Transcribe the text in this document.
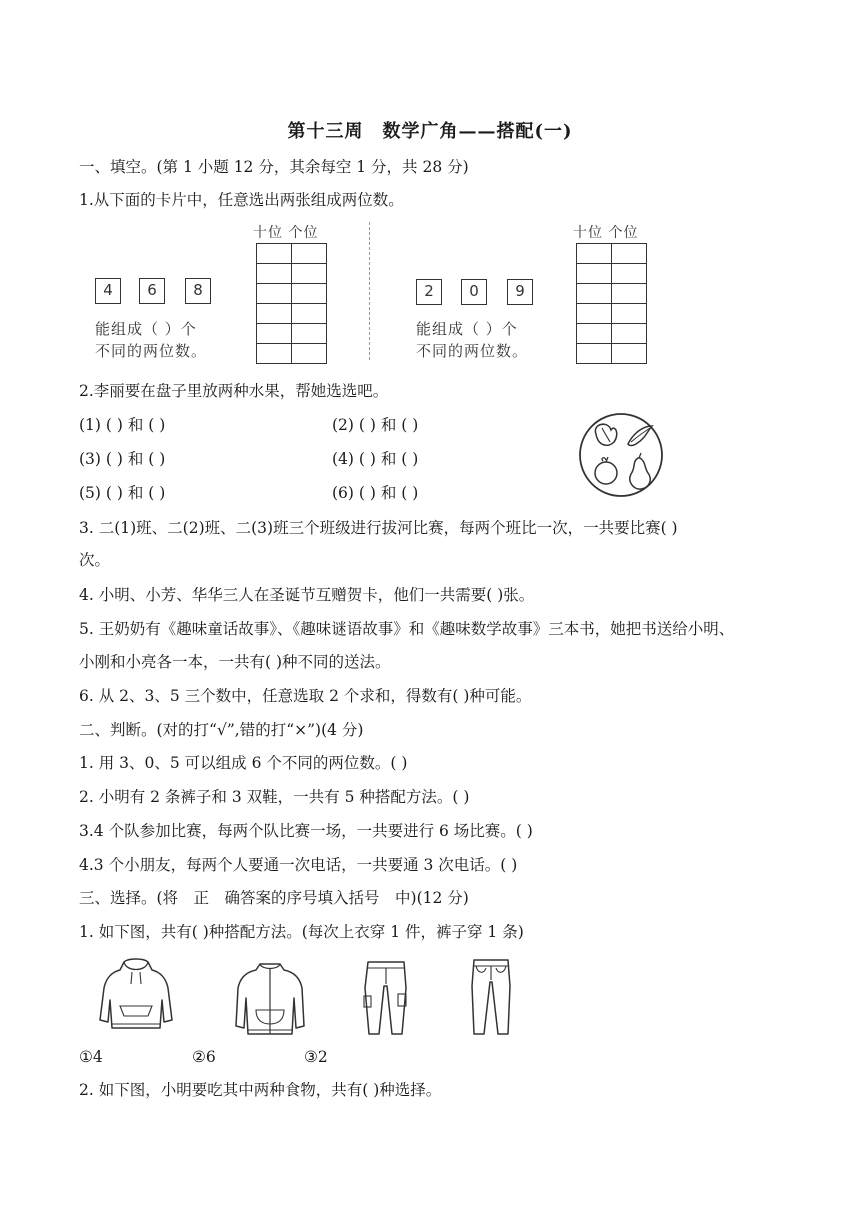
第十三周　数学广角——搭配(一)
一、填空。(第 1 小题 12 分，其余每空 1 分，共 28 分)
1.从下面的卡片中，任意选出两张组成两位数。
4	6	8
能组成（ ）个
不同的两位数。
十位 个位

2	0	9
能组成（ ）个
不同的两位数。
十位 个位

2.李丽要在盘子里放两种水果，帮她选选吧。
(1) ( ) 和 ( )	(2) ( ) 和 ( )
(3) ( ) 和 ( )	(4) ( ) 和 ( )
(5) ( ) 和 ( )	(6) ( ) 和 ( )
3. 二(1)班、二(2)班、二(3)班三个班级进行拔河比赛，每两个班比一次，一共要比赛( )
次。
4. 小明、小芳、华华三人在圣诞节互赠贺卡，他们一共需要( )张。
5. 王奶奶有《趣味童话故事》、《趣味谜语故事》和《趣味数学故事》三本书，她把书送给小明、
小刚和小亮各一本，一共有( )种不同的送法。
6. 从 2、3、5 三个数中，任意选取 2 个求和，得数有( )种可能。
二、判断。(对的打“√”,错的打“×”)(4 分)
1. 用 3、0、5 可以组成 6 个不同的两位数。( )
2. 小明有 2 条裤子和 3 双鞋，一共有 5 种搭配方法。( )
3.4 个队参加比赛，每两个队比赛一场，一共要进行 6 场比赛。( )
4.3 个小朋友，每两个人要通一次电话，一共要通 3 次电话。( )
三、选择。(将　正　确答案的序号填入括号　中)(12 分)
1. 如下图，共有( )种搭配方法。(每次上衣穿 1 件，裤子穿 1 条)
①4	②6	③2
2. 如下图，小明要吃其中两种食物，共有( )种选择。
